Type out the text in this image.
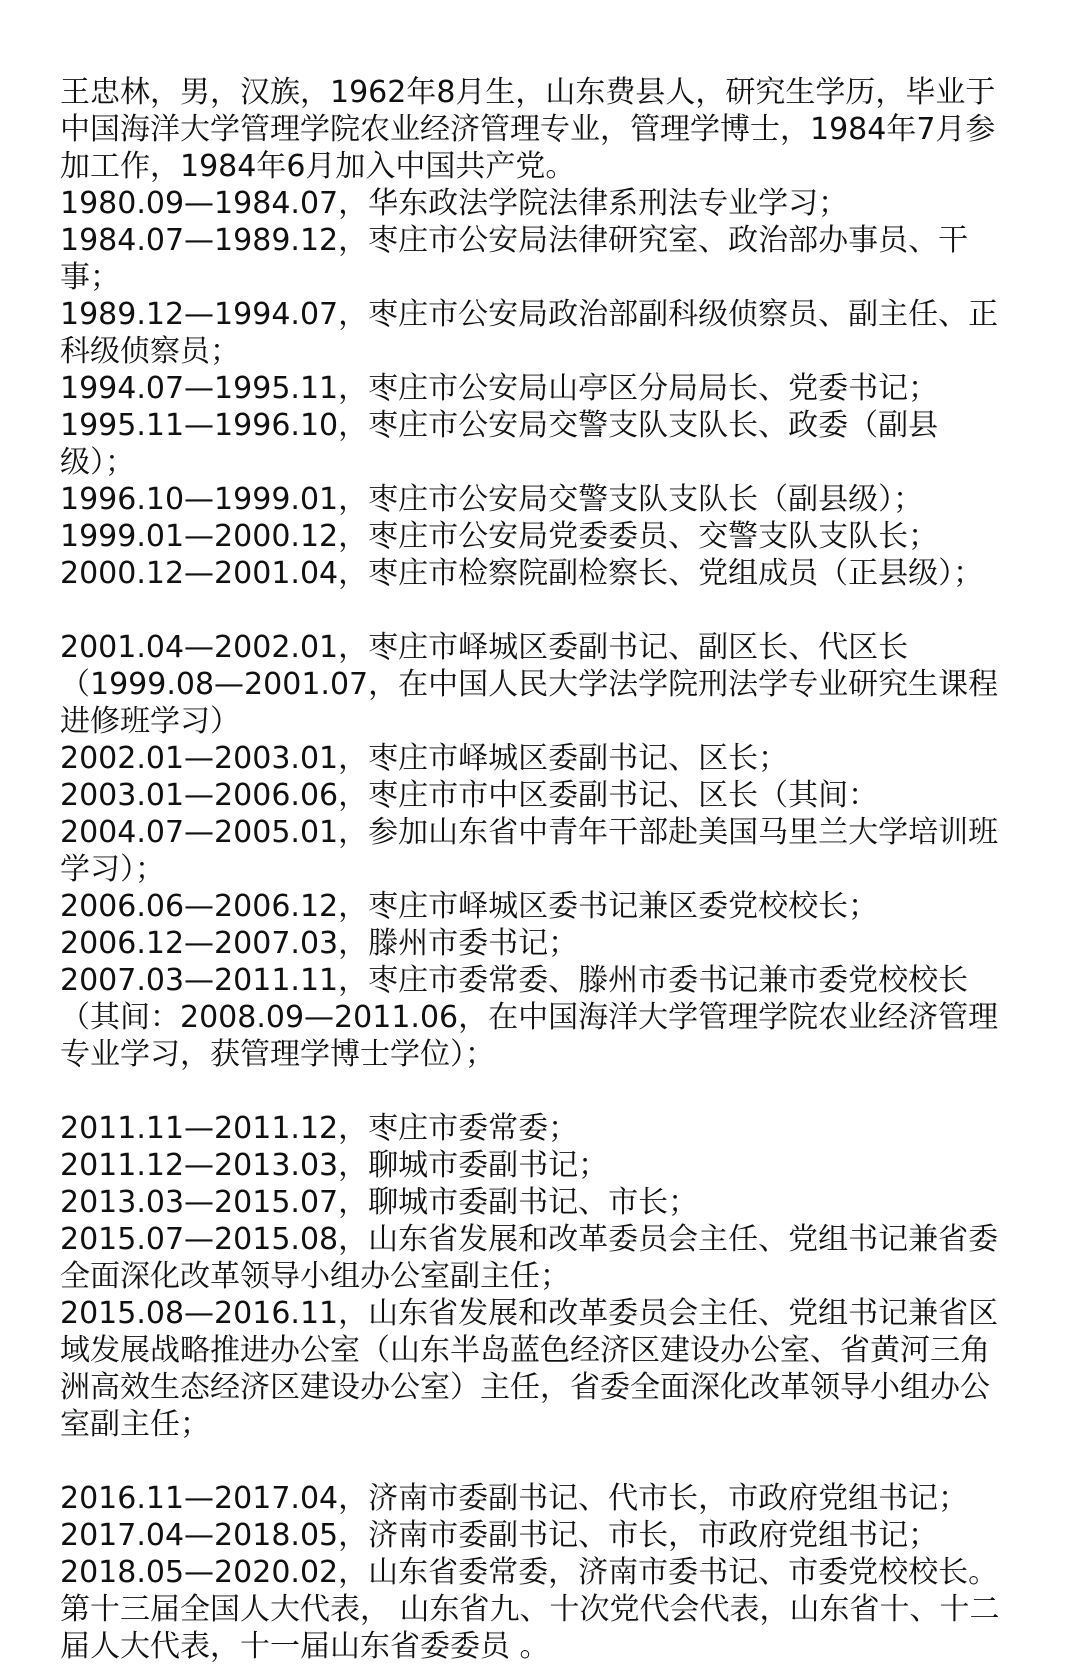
王忠林，男，汉族，1962年8月生，山东费县人，研究生学历，毕业于中国海洋大学管理学院农业经济管理专业，管理学博士，1984年7月参加工作，1984年6月加入中国共产党。

1980.09—1984.07，华东政法学院法律系刑法专业学习；

1984.07—1989.12，枣庄市公安局法律研究室、政治部办事员、干事；

1989.12—1994.07，枣庄市公安局政治部副科级侦察员、副主任、正科级侦察员；

1994.07—1995.11，枣庄市公安局山亭区分局局长、党委书记；

1995.11—1996.10，枣庄市公安局交警支队支队长、政委（副县级）；

1996.10—1999.01，枣庄市公安局交警支队支队长（副县级）；

1999.01—2000.12，枣庄市公安局党委委员、交警支队支队长；

2000.12—2001.04，枣庄市检察院副检察长、党组成员（正县级）；

2001.04—2002.01，枣庄市峄城区委副书记、副区长、代区长（1999.08—2001.07，在中国人民大学法学院刑法学专业研究生课程进修班学习）

2002.01—2003.01，枣庄市峄城区委副书记、区长；

2003.01—2006.06，枣庄市市中区委副书记、区长（其间：2004.07—2005.01，参加山东省中青年干部赴美国马里兰大学培训班学习）；

2006.06—2006.12，枣庄市峄城区委书记兼区委党校校长；

2006.12—2007.03，滕州市委书记；

2007.03—2011.11，枣庄市委常委、滕州市委书记兼市委党校校长（其间：2008.09—2011.06，在中国海洋大学管理学院农业经济管理专业学习，获管理学博士学位）；

2011.11—2011.12，枣庄市委常委；

2011.12—2013.03，聊城市委副书记；

2013.03—2015.07，聊城市委副书记、市长；

2015.07—2015.08，山东省发展和改革委员会主任、党组书记兼省委全面深化改革领导小组办公室副主任；

2015.08—2016.11，山东省发展和改革委员会主任、党组书记兼省区域发展战略推进办公室（山东半岛蓝色经济区建设办公室、省黄河三角洲高效生态经济区建设办公室）主任，省委全面深化改革领导小组办公室副主任；

2016.11—2017.04，济南市委副书记、代市长，市政府党组书记；

2017.04—2018.05，济南市委副书记、市长，市政府党组书记；

2018.05—2020.02，山东省委常委，济南市委书记、市委党校校长。

第十三届全国人大代表， 山东省九、十次党代会代表，山东省十、十二届人大代表，十一届山东省委委员 。
